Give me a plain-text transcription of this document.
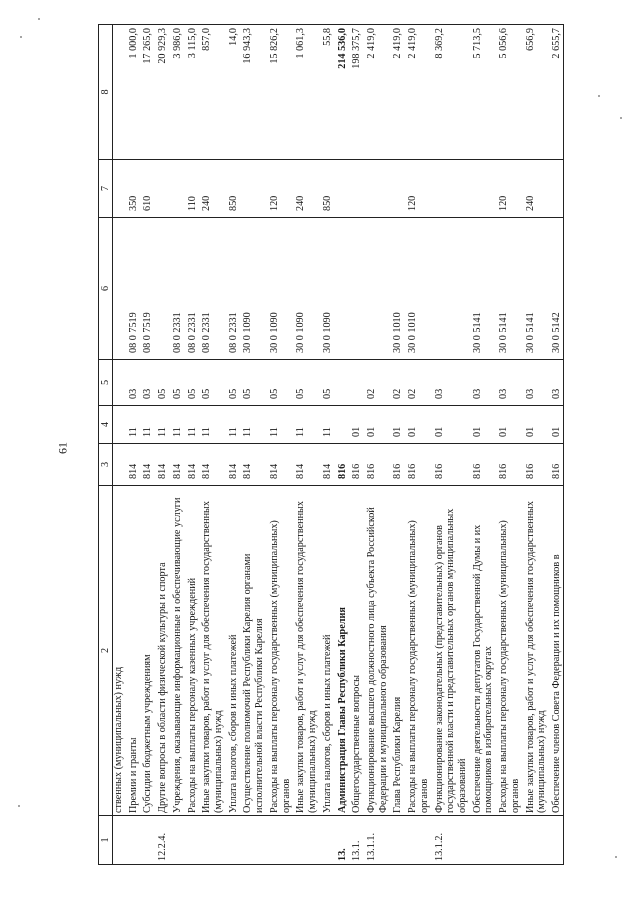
61
1	2	3	4	5	6	7	8
	ственных (муниципальных) нужд						
	Премии и гранты	814	11	03	08 0 7519	350	1 000,0
	Субсидии бюджетным учреждениям	814	11	03	08 0 7519	610	17 265,0
12.2.4.	Другие вопросы в области физической культуры и спорта	814	11	05			20 929,3
	Учреждения, оказывающие информационные и обеспечивающие услуги	814	11	05	08 0 2331		3 986,0
	Расходы на выплаты персоналу казенных учреждений	814	11	05	08 0 2331	110	3 115,0
	Иные закупки товаров, работ и услуг для обеспечения государственных (муниципальных) нужд	814	11	05	08 0 2331	240	857,0
	Уплата налогов, сборов и иных платежей	814	11	05	08 0 2331	850	14,0
	Осуществление полномочий Республики Карелия органами исполнительной власти Республики Карелия	814	11	05	30 0 1090		16 943,3
	Расходы на выплаты персоналу государственных (муниципальных) органов	814	11	05	30 0 1090	120	15 826,2
	Иные закупки товаров, работ и услуг для обеспечения государственных (муниципальных) нужд	814	11	05	30 0 1090	240	1 061,3
	Уплата налогов, сборов и иных платежей	814	11	05	30 0 1090	850	55,8
13.	Администрация Главы Республики Карелия	816					214 536,0
13.1.	Общегосударственные вопросы	816	01				198 375,7
13.1.1.	Функционирование высшего должностного лица субъекта Российской Федерации и муниципального образования	816	01	02			2 419,0
	Глава Республики Карелия	816	01	02	30 0 1010		2 419,0
	Расходы на выплаты персоналу государственных (муниципальных) органов	816	01	02	30 0 1010	120	2 419,0
13.1.2.	Функционирование законодательных (представительных) органов государственной власти и представительных органов муниципальных образований	816	01	03			8 369,2
	Обеспечение деятельности депутатов Государственной Думы и их помощников в избирательных округах	816	01	03	30 0 5141		5 713,5
	Расходы на выплаты персоналу государственных (муниципальных) органов	816	01	03	30 0 5141	120	5 056,6
	Иные закупки товаров, работ и услуг для обеспечения государственных (муниципальных) нужд	816	01	03	30 0 5141	240	656,9
	Обеспечение членов Совета Федерации и их помощников в	816	01	03	30 0 5142		2 655,7
